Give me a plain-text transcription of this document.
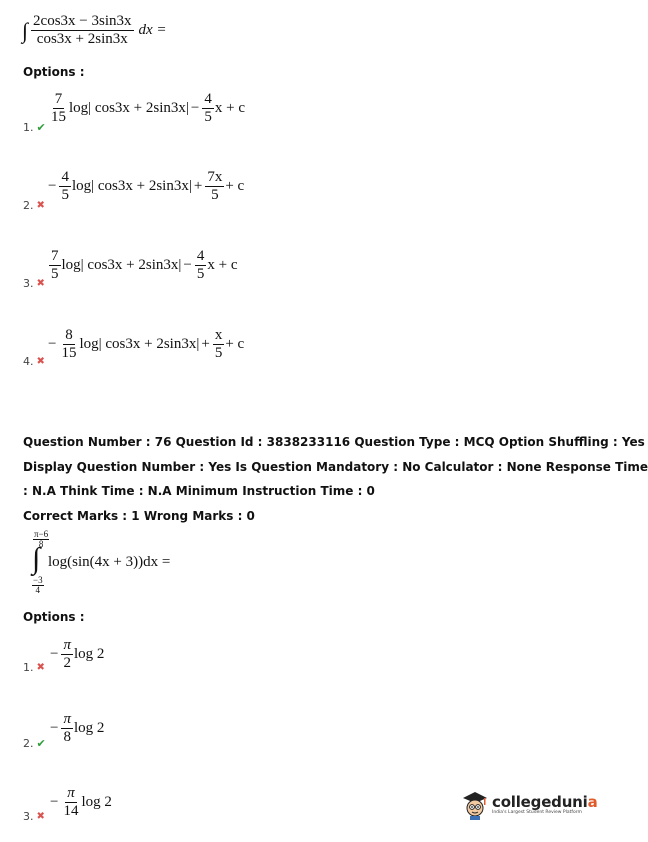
∫ $\frac{2\cos 3x - 3\sin 3x}{\cos 3x + 2\sin 3x}$ dx =
Options :
1. ✔
$\frac{7}{15} \log|$ $\cos 3x + 2\sin 3x| - \frac{4}{5}$ x + c
2. ✖
− $\frac{4}{5} \log|$ $\cos 3x + 2\sin 3x| + \frac{7x}{5} + c$
3. ✖
$\frac{7}{5} \log|$ $\cos 3x + 2\sin 3x| - \frac{4}{5}$ x + c
4. ✖
− $\frac{8}{15} \log|$ $\cos 3x + 2\sin 3x| + \frac{x}{5} + c$
Question Number : 76 Question Id : 3838233116 Question Type : MCQ Option Shuffling : Yes
Display Question Number : Yes Is Question Mandatory : No Calculator : None Response Time
: N.A Think Time : N.A Minimum Instruction Time : 0
Correct Marks : 1 Wrong Marks : 0
π−6
8
∫
−3
4
log(sin(4x + 3))dx =
Options :
1. ✖
− $\frac{\pi}{2}$ log 2
2. ✔
− $\frac{\pi}{8}$ log 2
3. ✖
− $\frac{\pi}{14}$ log 2	collegedunia
India's Largest Student Review Platform
